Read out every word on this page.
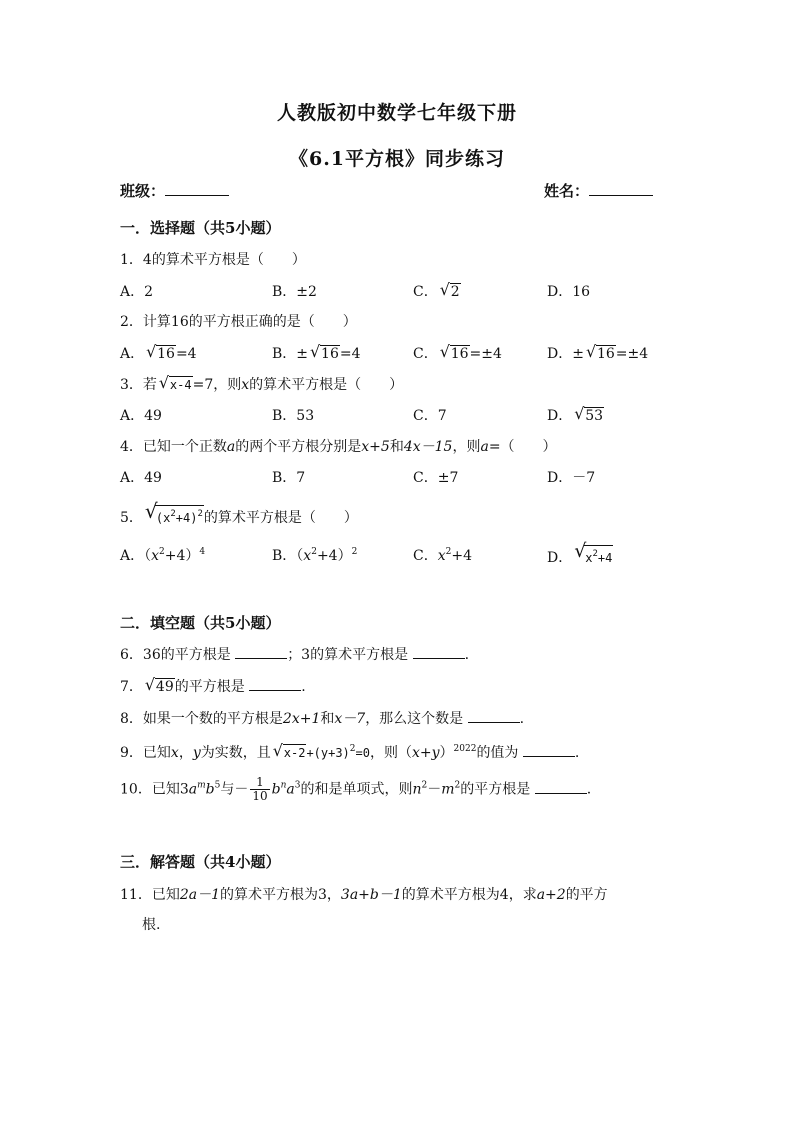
人教版初中数学七年级下册
《6.1平方根》同步练习
班级：	姓名：
一．选择题（共5小题）
1．4的算术平方根是（　　）
A．2	B．±2	C． √ 2	D．16
2．计算16的平方根正确的是（　　）
A． √ 16=4	B．± √ 16=4	C． √ 16=±4	D．± √ 16=±4
3．若 √ x-4=7，则x的算术平方根是（　　）
A．49	B．53	C．7	D． √ 53
4．已知一个正数a的两个平方根分别是x+5和4x－15，则a=（　　）
A．49	B．7	C．±7	D．－7
5． √
$(x^2+4)^2$的算术平方根是（　　）
A．$(x^2+4)^4$	B．$(x^2+4)^2$	C．$x^2+4$	D． √
$x^2+4$
二．填空题（共5小题）
6．36的平方根是	；3的算术平方根是	.
7． √ 49的平方根是	.
8．如果一个数的平方根是2x+1和x－7，那么这个数是	.
9．已知x，y为实数，且 √ $x-2+(y+3)^2=0$，则$(x+y)^{2022}$的值为	.
10．已知$3a^mb^5$与－ $\frac{1}{10} b^na^3$的和是单项式，则$n^2-m^2$的平方根是	.
三．解答题（共4小题）
11．已知2a－1的算术平方根为3，3a+b－1的算术平方根为4，求a+2的平方
根.
